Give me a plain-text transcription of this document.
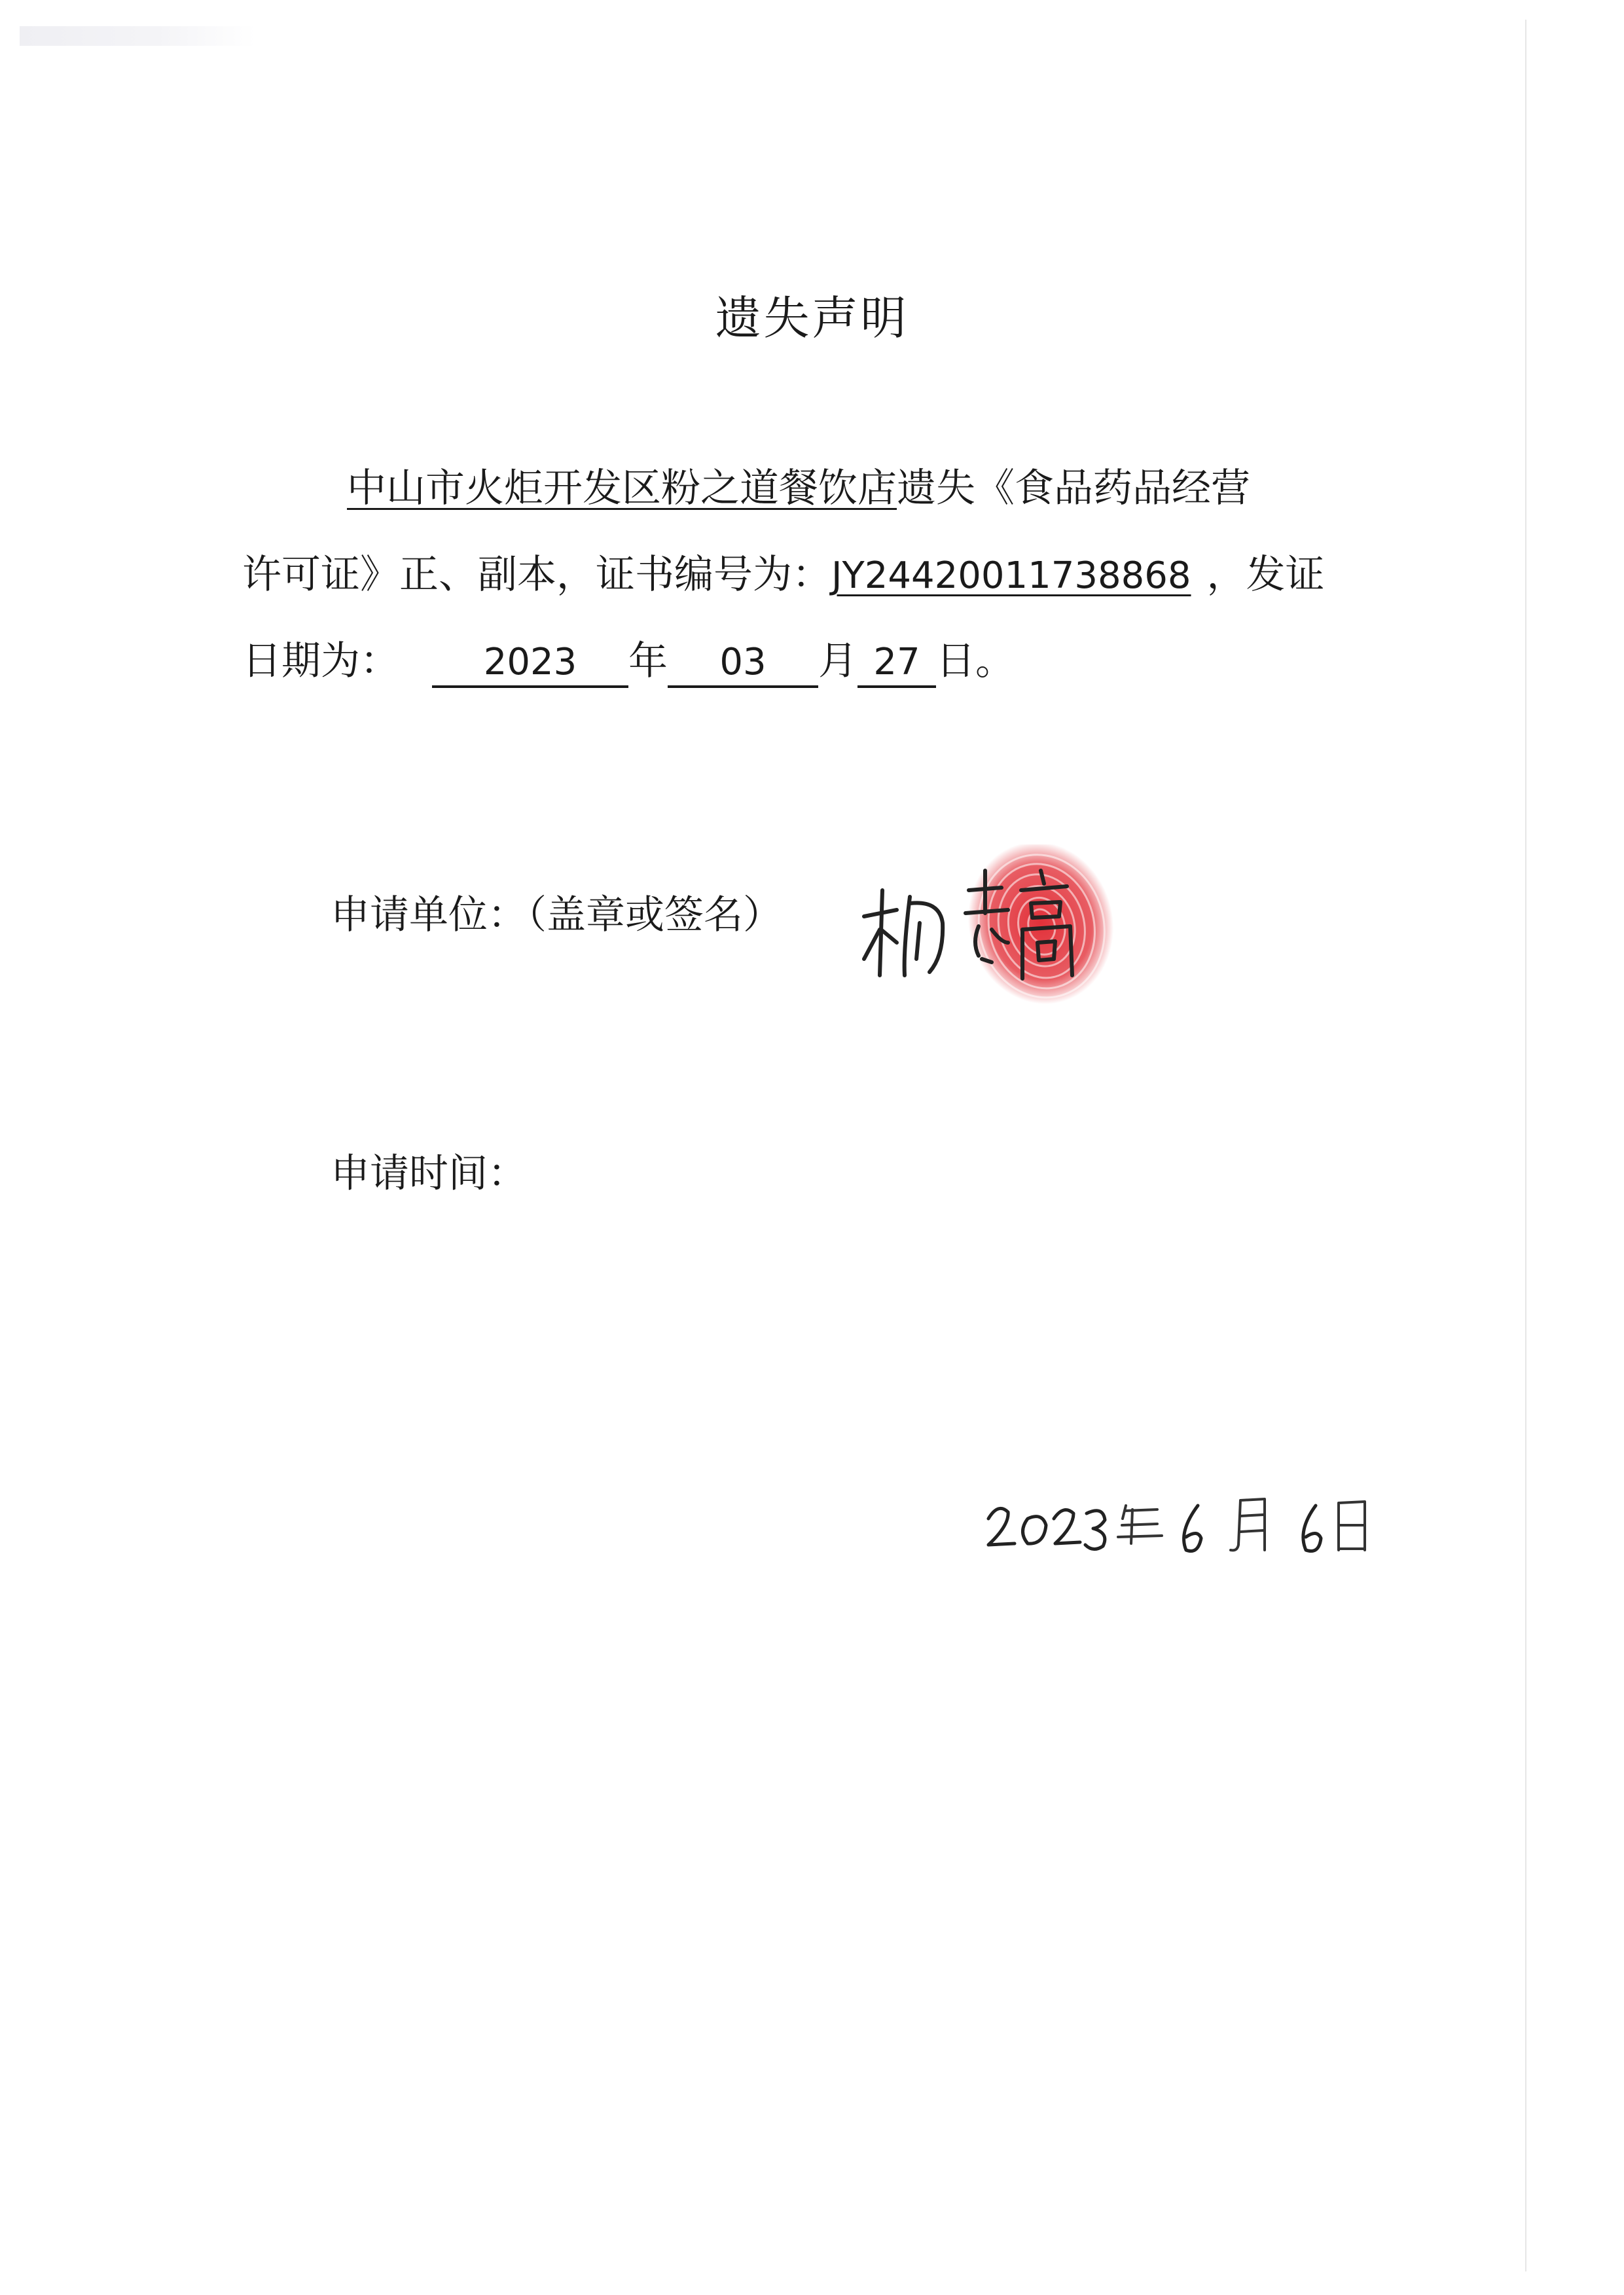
遗失声明
中山市火炬开发区粉之道餐饮店遗失《食品药品经营
许可证》正、副本，证书编号为：JY24420011738868 ，发证
日期为： 2023 年 03 月 27 日。
申请单位：（盖章或签名）
申请时间：
